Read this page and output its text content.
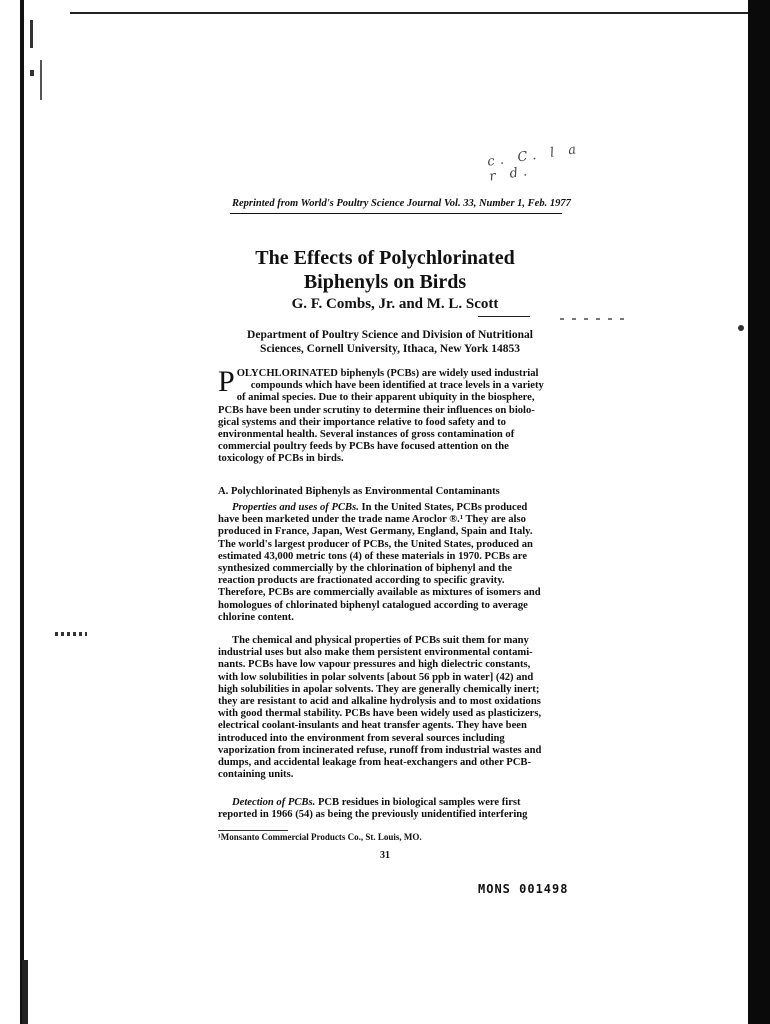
c. C. l a r d.
Reprinted from World's Poultry Science Journal Vol. 33, Number 1, Feb. 1977
The Effects of Polychlorinated
Biphenyls on Birds
G. F. Combs, Jr. and M. L. Scott
Department of Poultry Science and Division of Nutritional
Sciences, Cornell University, Ithaca, New York 14853
P OLYCHLORINATED biphenyls (PCBs) are widely used industrial
compounds which have been identified at trace levels in a variety
of animal species. Due to their apparent ubiquity in the biosphere,
PCBs have been under scrutiny to determine their influences on biolo-
gical systems and their importance relative to food safety and to
environmental health. Several instances of gross contamination of
commercial poultry feeds by PCBs have focused attention on the
toxicology of PCBs in birds.
A. Polychlorinated Biphenyls as Environmental Contaminants
Properties and uses of PCBs. In the United States, PCBs produced
have been marketed under the trade name Aroclor ®.¹ They are also
produced in France, Japan, West Germany, England, Spain and Italy.
The world's largest producer of PCBs, the United States, produced an
estimated 43,000 metric tons (4) of these materials in 1970. PCBs are
synthesized commercially by the chlorination of biphenyl and the
reaction products are fractionated according to specific gravity.
Therefore, PCBs are commercially available as mixtures of isomers and
homologues of chlorinated biphenyl catalogued according to average
chlorine content.
The chemical and physical properties of PCBs suit them for many
industrial uses but also make them persistent environmental contami-
nants. PCBs have low vapour pressures and high dielectric constants,
with low solubilities in polar solvents [about 56 ppb in water] (42) and
high solubilities in apolar solvents. They are generally chemically inert;
they are resistant to acid and alkaline hydrolysis and to most oxidations
with good thermal stability. PCBs have been widely used as plasticizers,
electrical coolant-insulants and heat transfer agents. They have been
introduced into the environment from several sources including
vaporization from incinerated refuse, runoff from industrial wastes and
dumps, and accidental leakage from heat-exchangers and other PCB-
containing units.
Detection of PCBs. PCB residues in biological samples were first
reported in 1966 (54) as being the previously unidentified interfering
¹Monsanto Commercial Products Co., St. Louis, MO.
31
MONS 001498
